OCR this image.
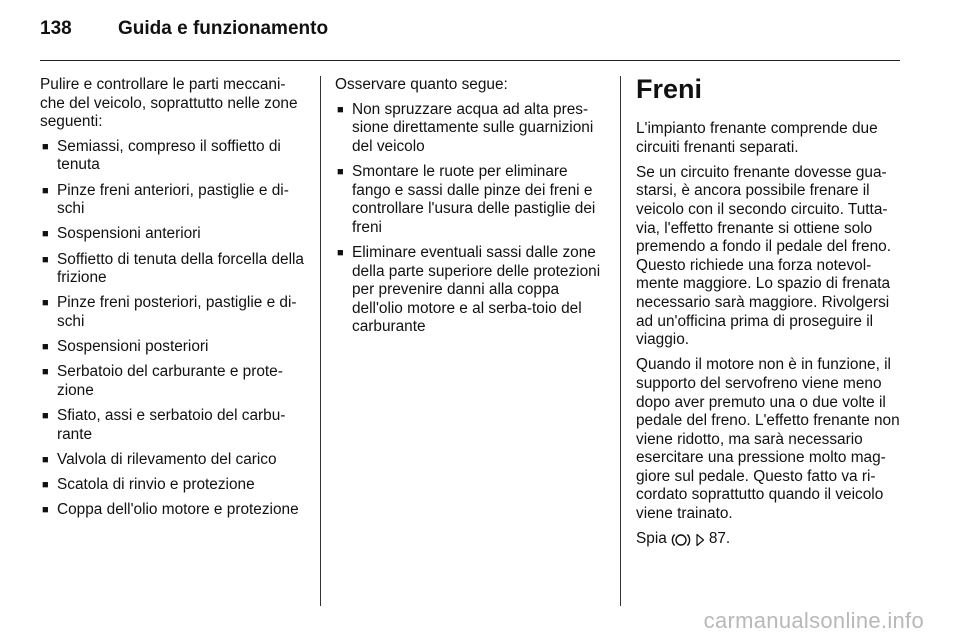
138	Guida e funzionamento

Pulire e controllare le parti meccani-che del veicolo, soprattutto nelle zone seguenti:

■ Semiassi, compreso il soffietto di tenuta
■ Pinze freni anteriori, pastiglie e di-schi
■ Sospensioni anteriori
■ Soffietto di tenuta della forcella della frizione
■ Pinze freni posteriori, pastiglie e di-schi
■ Sospensioni posteriori
■ Serbatoio del carburante e prote-zione
■ Sfiato, assi e serbatoio del carbu-rante
■ Valvola di rilevamento del carico
■ Scatola di rinvio e protezione
■ Coppa dell'olio motore e protezione

Osservare quanto segue:

■ Non spruzzare acqua ad alta pres-sione direttamente sulle guarnizioni del veicolo
■ Smontare le ruote per eliminare fango e sassi dalle pinze dei freni e controllare l'usura delle pastiglie dei freni
■ Eliminare eventuali sassi dalle zone della parte superiore delle protezioni per prevenire danni alla coppa dell'olio motore e al serba-toio del carburante
Freni

L'impianto frenante comprende due circuiti frenanti separati.

Se un circuito frenante dovesse gua-starsi, è ancora possibile frenare il veicolo con il secondo circuito. Tutta-via, l'effetto frenante si ottiene solo premendo a fondo il pedale del freno. Questo richiede una forza notevol-mente maggiore. Lo spazio di frenata necessario sarà maggiore. Rivolgersi ad un'officina prima di proseguire il viaggio.

Quando il motore non è in funzione, il supporto del servofreno viene meno dopo aver premuto una o due volte il pedale del freno. L'effetto frenante non viene ridotto, ma sarà necessario esercitare una pressione molto mag-giore sul pedale. Questo fatto va ri-cordato soprattutto quando il veicolo viene trainato.

Spia	87.

carmanualsonline.info
